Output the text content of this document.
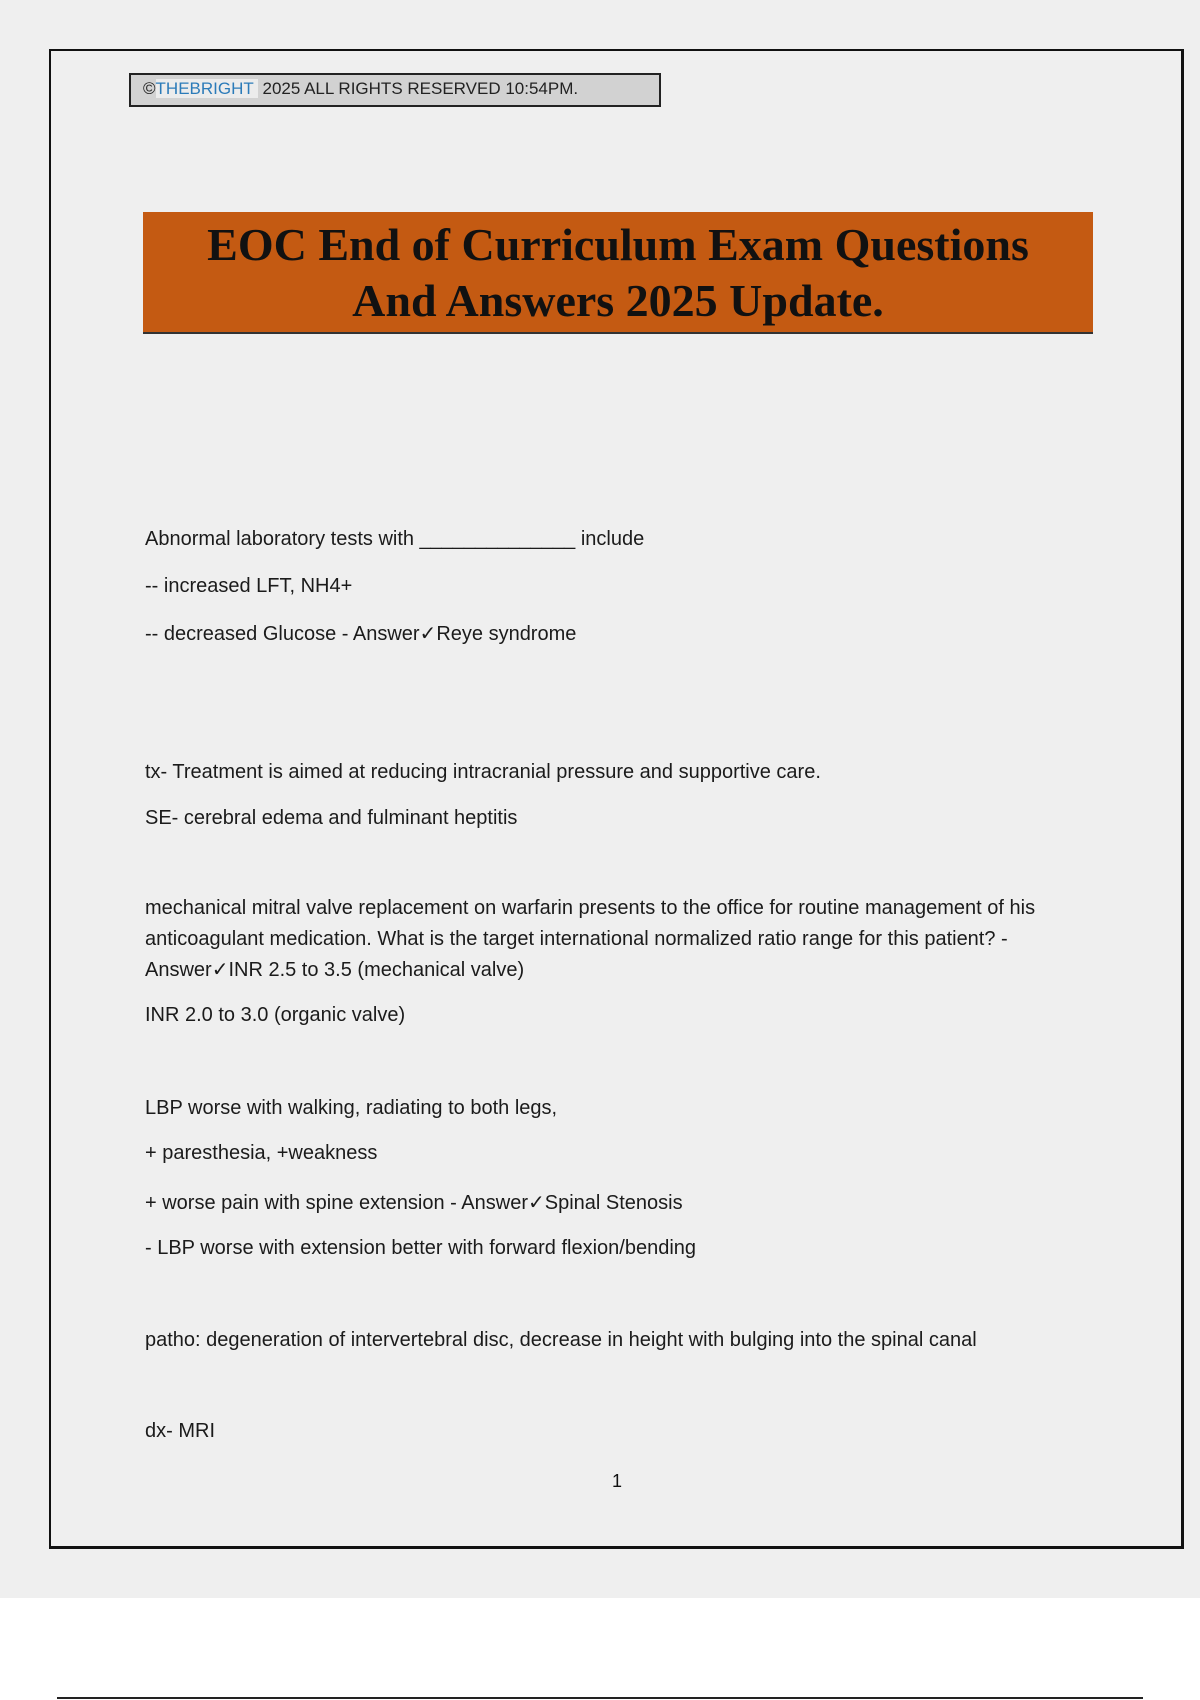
©THEBRIGHT 2025 ALL RIGHTS RESERVED 10:54PM.
EOC End of Curriculum Exam Questions
And Answers 2025 Update.
Abnormal laboratory tests with ______________ include
-- increased LFT, NH4+
-- decreased Glucose - Answer✓Reye syndrome
tx- Treatment is aimed at reducing intracranial pressure and supportive care.
SE- cerebral edema and fulminant heptitis
mechanical mitral valve replacement on warfarin presents to the office for routine management of his anticoagulant medication. What is the target international normalized ratio range for this patient? - Answer✓INR 2.5 to 3.5 (mechanical valve)
INR 2.0 to 3.0 (organic valve)
LBP worse with walking, radiating to both legs,
+ paresthesia, +weakness
+ worse pain with spine extension - Answer✓Spinal Stenosis
- LBP worse with extension better with forward flexion/bending
patho: degeneration of intervertebral disc, decrease in height with bulging into the spinal canal
dx- MRI
1
